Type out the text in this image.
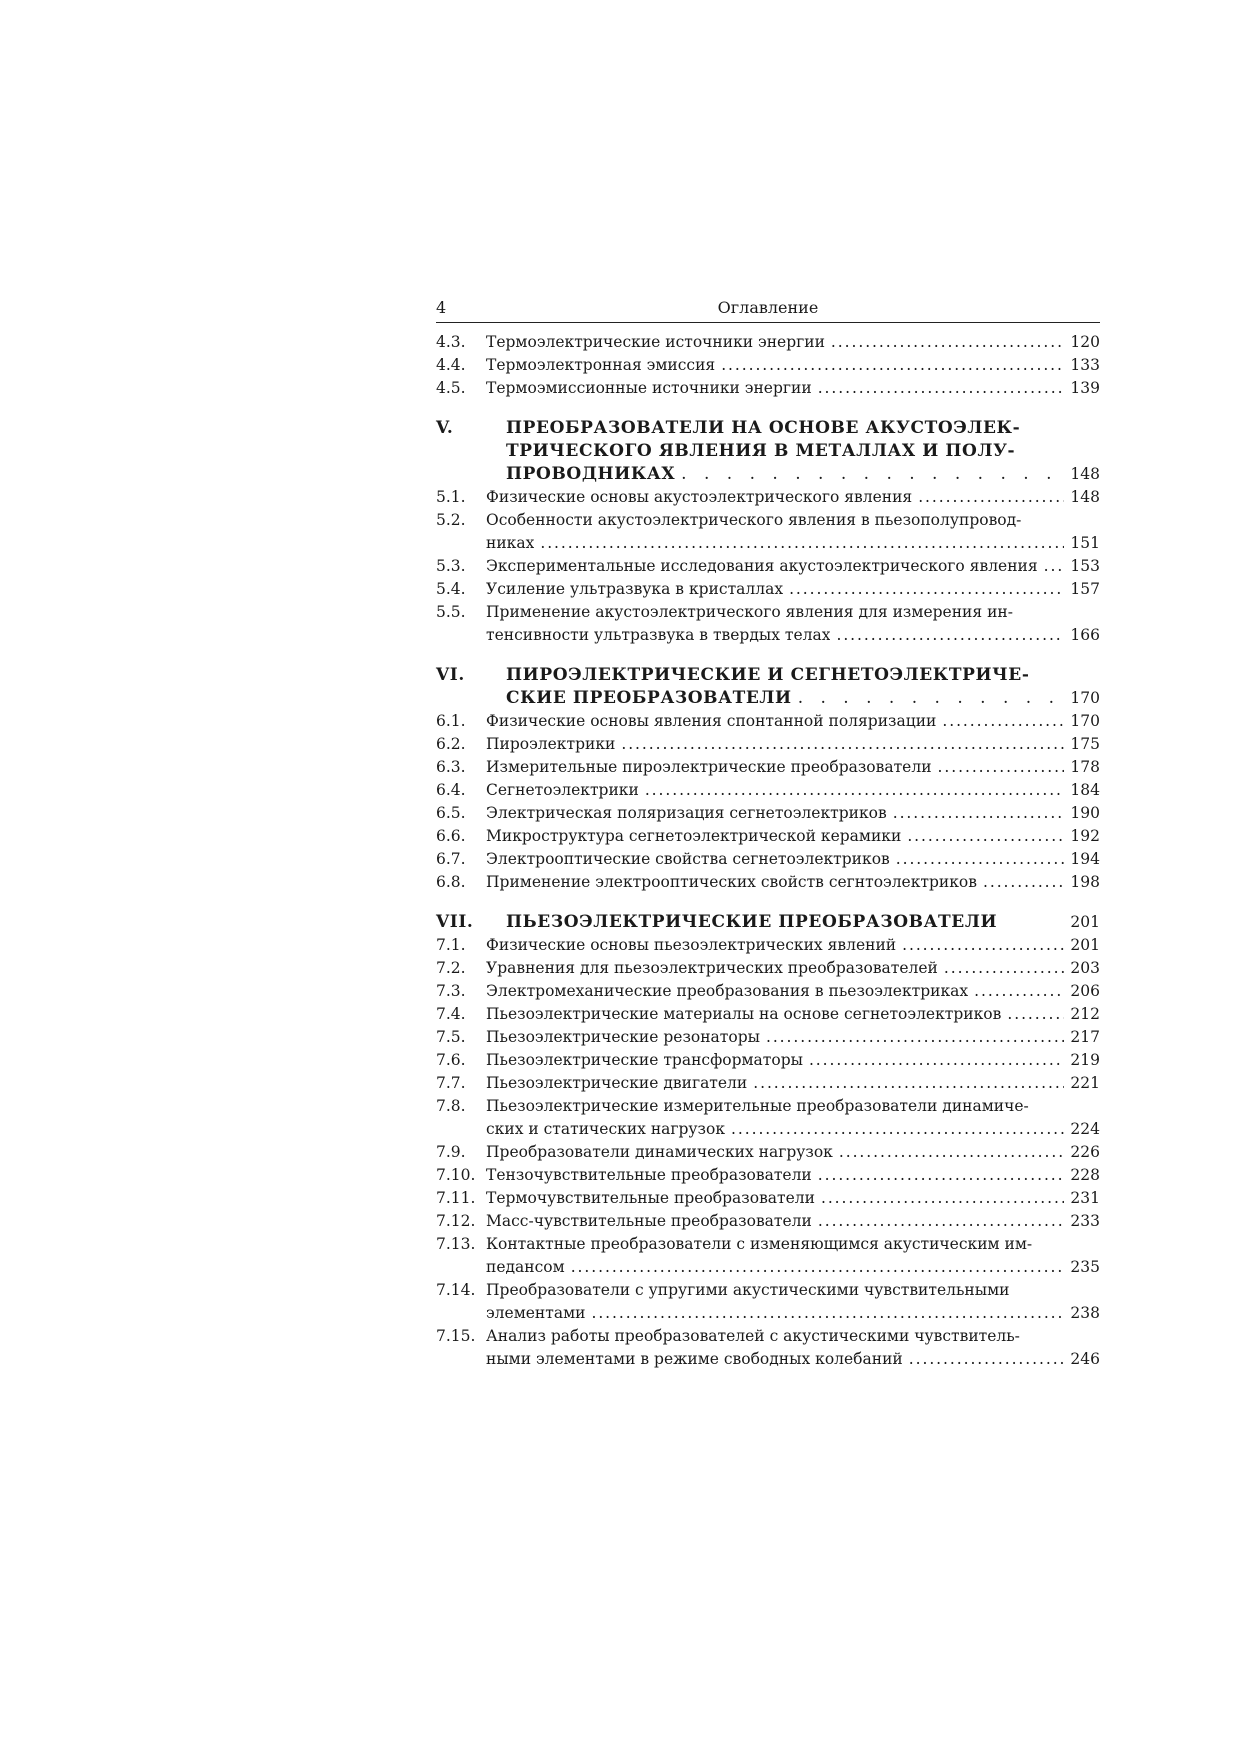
4	Оглавление
4.3.	Термоэлектрические источники энергии . . .	120
4.4.	Термоэлектронная эмиссия . . .	133
4.5.	Термоэмиссионные источники энергии . . .	139
V.	ПРЕОБРАЗОВАТЕЛИ НА ОСНОВЕ АКУСТОЭЛЕК-
ТРИЧЕСКОГО ЯВЛЕНИЯ В МЕТАЛЛАХ И ПОЛУ-
ПРОВОДНИКАХ . . .	148
5.1.	Физические основы акустоэлектрического явления . . .	148
5.2.	Особенности акустоэлектрического явления в пьезополупровод-
никах . . .	151
5.3.	Экспериментальные исследования акустоэлектрического явления . . . 153
5.4.	Усиление ультразвука в кристаллах . . .	157
5.5.	Применение акустоэлектрического явления для измерения ин-
тенсивности ультразвука в твердых телах . . .	166
VI.	ПИРОЭЛЕКТРИЧЕСКИЕ И СЕГНЕТОЭЛЕКТРИЧЕ-
СКИЕ ПРЕОБРАЗОВАТЕЛИ . . .	170
6.1.	Физические основы явления спонтанной поляризации . . .	170
6.2.	Пироэлектрики . . .	175
6.3.	Измерительные пироэлектрические преобразователи . . .	178
6.4.	Сегнетоэлектрики . . .	184
6.5.	Электрическая поляризация сегнетоэлектриков . . .	190
6.6.	Микроструктура сегнетоэлектрической керамики . . .	192
6.7.	Электрооптические свойства сегнетоэлектриков . . .	194
6.8.	Применение электрооптических свойств сегнтоэлектриков . . .	198
VII.	ПЬЕЗОЭЛЕКТРИЧЕСКИЕ ПРЕОБРАЗОВАТЕЛИ	201
7.1.	Физические основы пьезоэлектрических явлений . . .	201
7.2.	Уравнения для пьезоэлектрических преобразователей . . .	203
7.3.	Электромеханические преобразования в пьезоэлектриках . . .	206
7.4.	Пьезоэлектрические материалы на основе сегнетоэлектриков . . .	212
7.5.	Пьезоэлектрические резонаторы . . .	217
7.6.	Пьезоэлектрические трансформаторы . . .	219
7.7.	Пьезоэлектрические двигатели . . .	221
7.8.	Пьезоэлектрические измерительные преобразователи динамиче-
ских и статических нагрузок . . .	224
7.9.	Преобразователи динамических нагрузок . . .	226
7.10. Тензочувствительные преобразователи . . .	228
7.11. Термочувствительные преобразователи . . .	231
7.12. Масс-чувствительные преобразователи . . .	233
7.13. Контактные преобразователи с изменяющимся акустическим им-
педансом . . .	235
7.14. Преобразователи с упругими акустическими чувствительными
элементами . . .	238
7.15. Анализ работы преобразователей с акустическими чувствитель-
ными элементами в режиме свободных колебаний . . .	246
